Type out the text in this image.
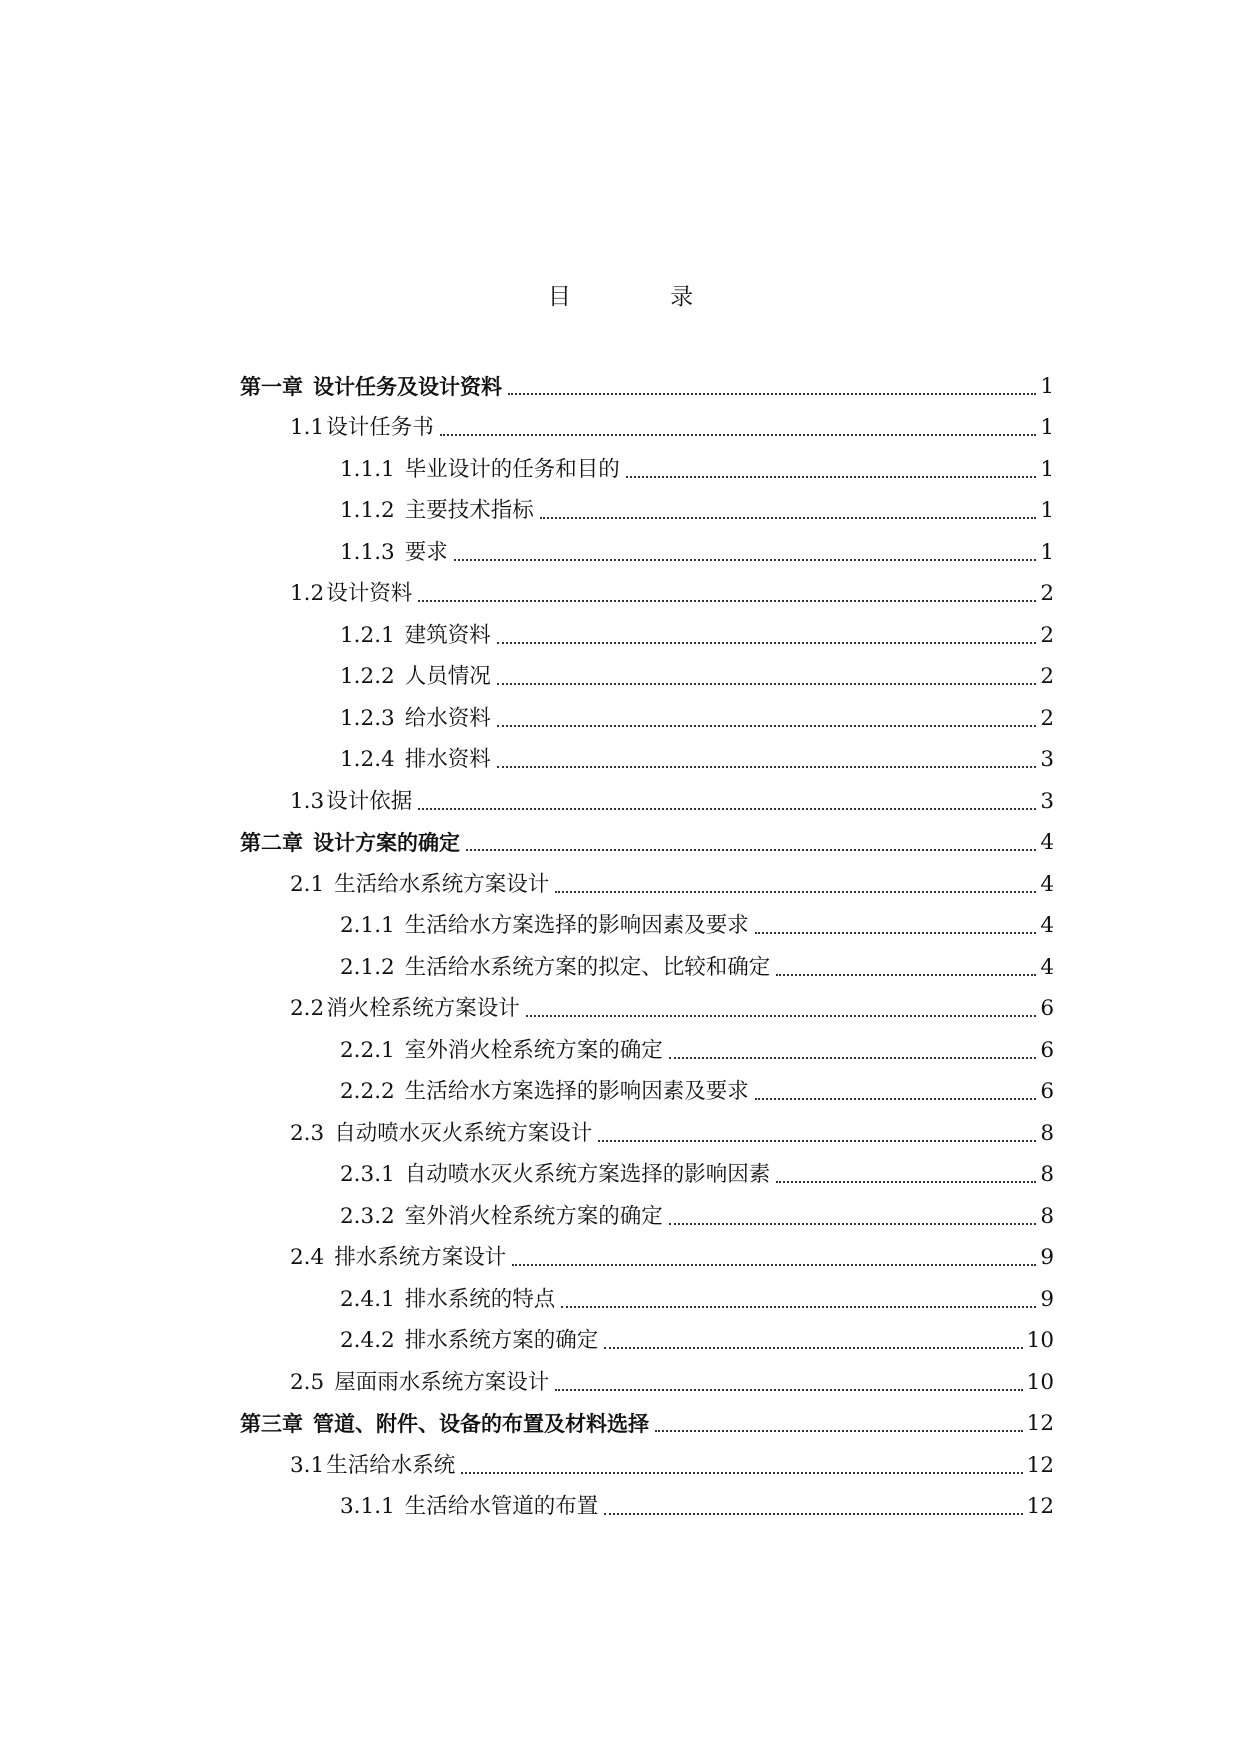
目 录
第一章 设计任务及设计资料	1
1.1设计任务书	1
1.1.1 毕业设计的任务和目的	1
1.1.2 主要技术指标	1
1.1.3 要求	1
1.2设计资料	2
1.2.1 建筑资料	2
1.2.2 人员情况	2
1.2.3 给水资料	2
1.2.4 排水资料	3
1.3设计依据	3
第二章 设计方案的确定	4
2.1 生活给水系统方案设计	4
2.1.1 生活给水方案选择的影响因素及要求	4
2.1.2 生活给水系统方案的拟定、比较和确定	4
2.2消火栓系统方案设计	6
2.2.1 室外消火栓系统方案的确定	6
2.2.2 生活给水方案选择的影响因素及要求	6
2.3 自动喷水灭火系统方案设计	8
2.3.1 自动喷水灭火系统方案选择的影响因素	8
2.3.2 室外消火栓系统方案的确定	8
2.4 排水系统方案设计	9
2.4.1 排水系统的特点	9
2.4.2 排水系统方案的确定	10
2.5 屋面雨水系统方案设计	10
第三章 管道、附件、设备的布置及材料选择	12
3.1生活给水系统	12
3.1.1 生活给水管道的布置	12
